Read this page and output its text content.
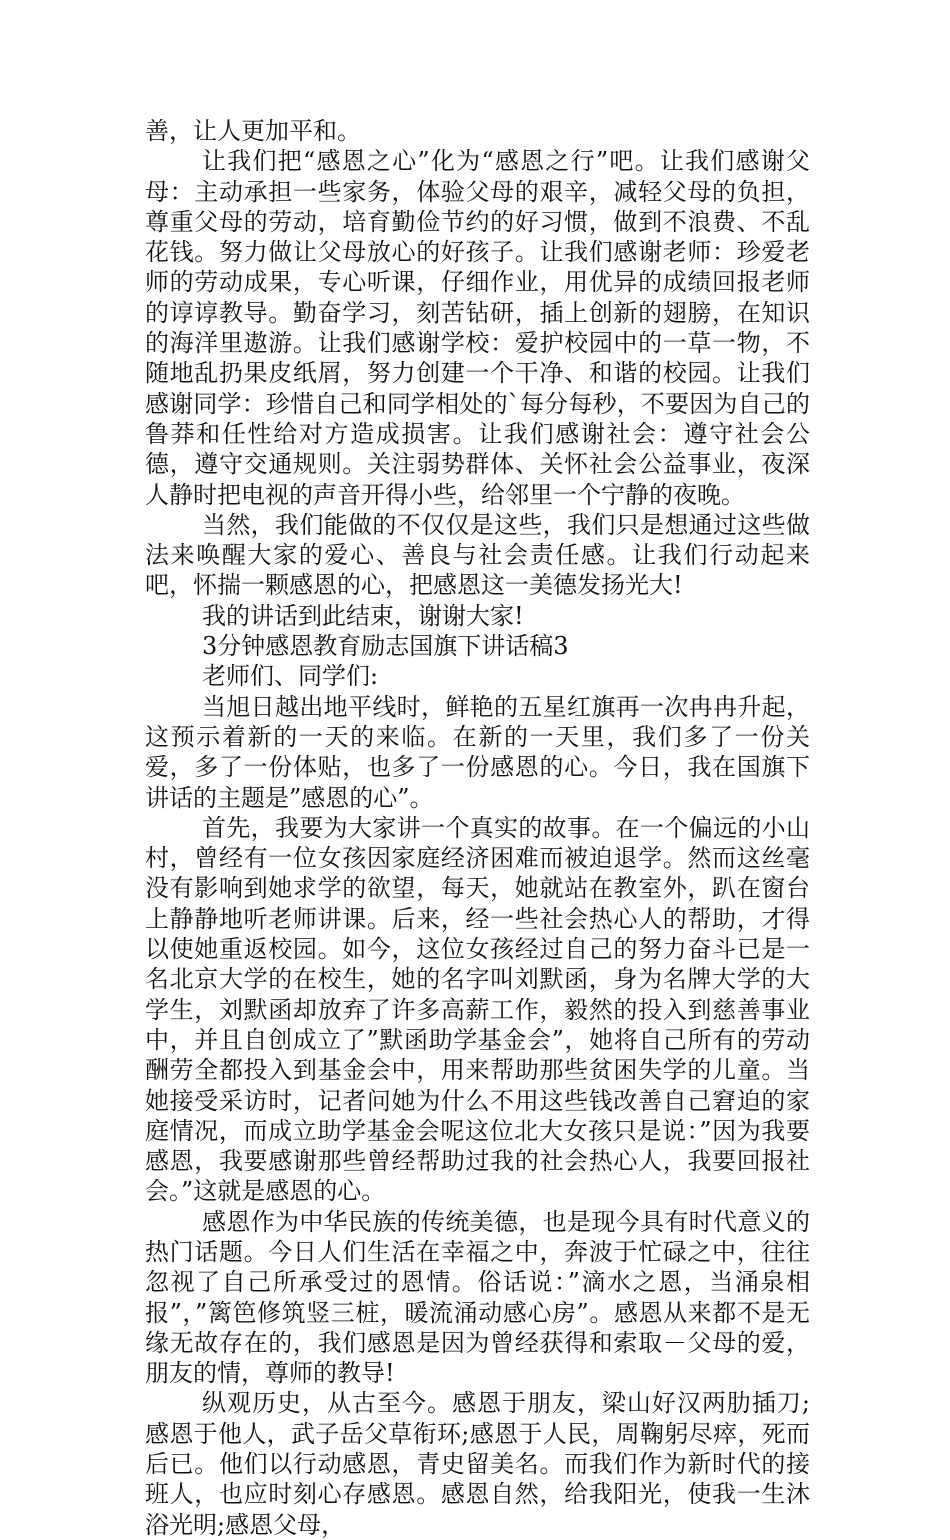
善，让人更加平和。

让我们把“感恩之心”化为“感恩之行”吧。让我们感谢父母：主动承担一些家务，体验父母的艰辛，减轻父母的负担，尊重父母的劳动，培育勤俭节约的好习惯，做到不浪费、不乱花钱。努力做让父母放心的好孩子。让我们感谢老师：珍爱老师的劳动成果，专心听课，仔细作业，用优异的成绩回报老师的谆谆教导。勤奋学习，刻苦钻研，插上创新的翅膀，在知识的海洋里遨游。让我们感谢学校：爱护校园中的一草一物，不随地乱扔果皮纸屑，努力创建一个干净、和谐的校园。让我们感谢同学：珍惜自己和同学相处的`每分每秒，不要因为自己的鲁莽和任性给对方造成损害。让我们感谢社会：遵守社会公德，遵守交通规则。关注弱势群体、关怀社会公益事业，夜深人静时把电视的声音开得小些，给邻里一个宁静的夜晚。

当然，我们能做的不仅仅是这些，我们只是想通过这些做法来唤醒大家的爱心、善良与社会责任感。让我们行动起来吧，怀揣一颗感恩的心，把感恩这一美德发扬光大!

我的讲话到此结束，谢谢大家!

3分钟感恩教育励志国旗下讲话稿3

老师们、同学们:

当旭日越出地平线时，鲜艳的五星红旗再一次冉冉升起，这预示着新的一天的来临。在新的一天里，我们多了一份关爱，多了一份体贴，也多了一份感恩的心。今日，我在国旗下讲话的主题是”感恩的心”。

首先，我要为大家讲一个真实的故事。在一个偏远的小山村，曾经有一位女孩因家庭经济困难而被迫退学。然而这丝毫没有影响到她求学的欲望，每天，她就站在教室外，趴在窗台上静静地听老师讲课。后来，经一些社会热心人的帮助，才得以使她重返校园。如今，这位女孩经过自己的努力奋斗已是一名北京大学的在校生，她的名字叫刘默函，身为名牌大学的大学生，刘默函却放弃了许多高薪工作，毅然的投入到慈善事业中，并且自创成立了”默函助学基金会”，她将自己所有的劳动酬劳全都投入到基金会中，用来帮助那些贫困失学的儿童。当她接受采访时，记者问她为什么不用这些钱改善自己窘迫的家庭情况，而成立助学基金会呢这位北大女孩只是说：”因为我要感恩，我要感谢那些曾经帮助过我的社会热心人，我要回报社会。”这就是感恩的心。

感恩作为中华民族的传统美德，也是现今具有时代意义的热门话题。今日人们生活在幸福之中，奔波于忙碌之中，往往忽视了自己所承受过的恩情。俗话说：”滴水之恩，当涌泉相报”，”篱笆修筑竖三桩，暖流涌动感心房”。感恩从来都不是无缘无故存在的，我们感恩是因为曾经获得和索取－父母的爱，朋友的情，尊师的教导!

纵观历史，从古至今。感恩于朋友，梁山好汉两肋插刀;感恩于他人，武子岳父草衔环;感恩于人民，周鞠躬尽瘁，死而后已。他们以行动感恩，青史留美名。而我们作为新时代的接班人，也应时刻心存感恩。感恩自然，给我阳光，使我一生沐浴光明;感恩父母，
